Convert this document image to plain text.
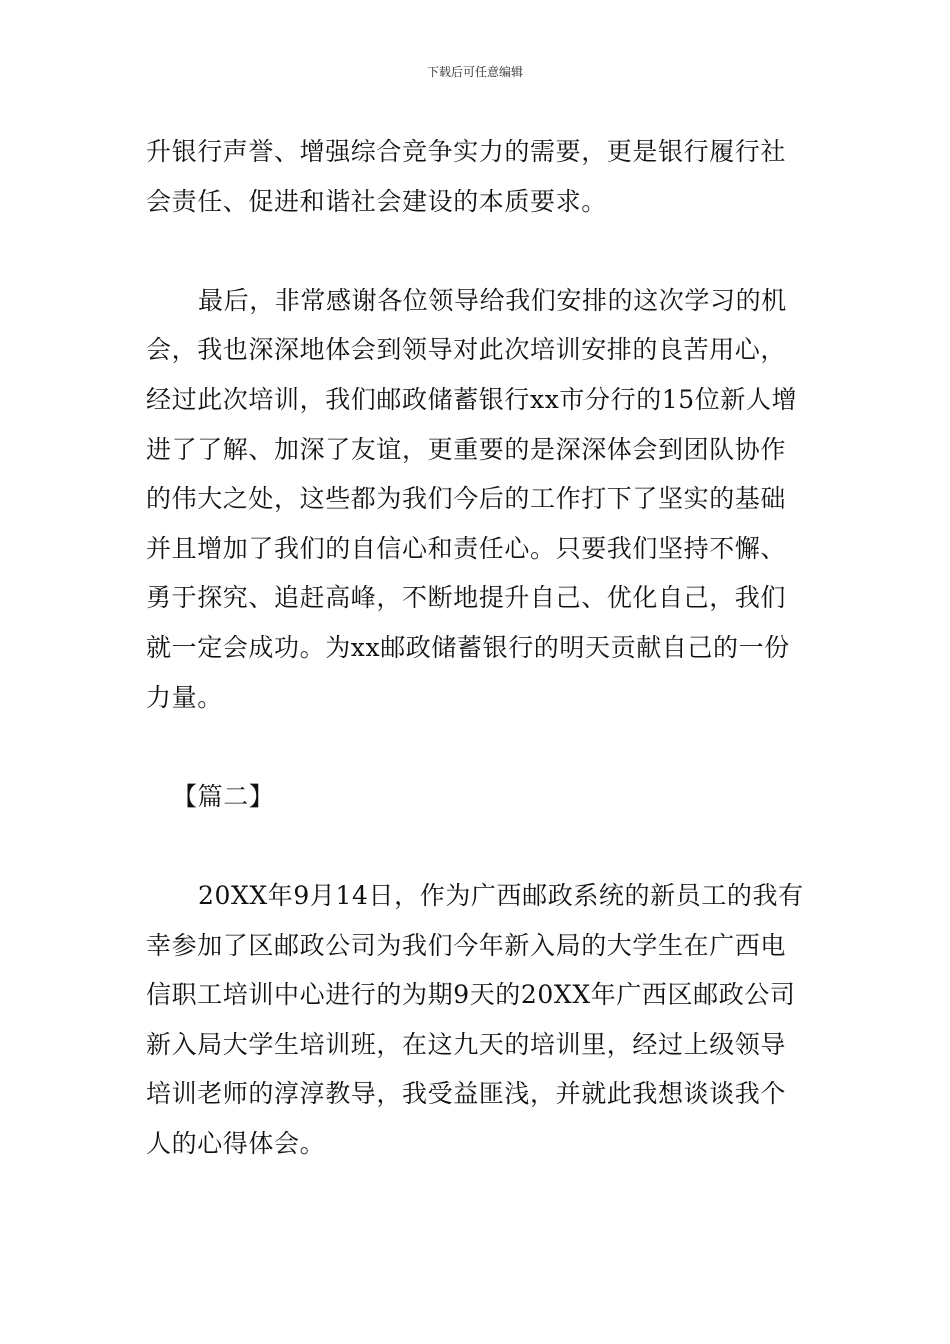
下载后可任意编辑

升银行声誉、增强综合竞争实力的需要，更是银行履行社会责任、促进和谐社会建设的本质要求。

最后，非常感谢各位领导给我们安排的这次学习的机会，我也深深地体会到领导对此次培训安排的良苦用心，经过此次培训，我们邮政储蓄银行xx市分行的15位新人增进了了解、加深了友谊，更重要的是深深体会到团队协作的伟大之处，这些都为我们今后的工作打下了坚实的基础并且增加了我们的自信心和责任心。只要我们坚持不懈、勇于探究、追赶高峰，不断地提升自己、优化自己，我们就一定会成功。为xx邮政储蓄银行的明天贡献自己的一份力量。

【篇二】

20XX年9月14日，作为广西邮政系统的新员工的我有幸参加了区邮政公司为我们今年新入局的大学生在广西电信职工培训中心进行的为期9天的20XX年广西区邮政公司新入局大学生培训班，在这九天的培训里，经过上级领导培训老师的淳淳教导，我受益匪浅，并就此我想谈谈我个人的心得体会。
